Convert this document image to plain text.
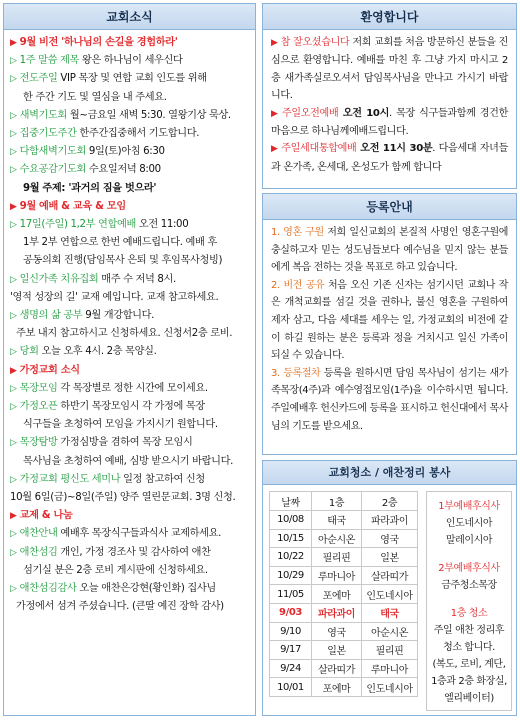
교회소식
▶ 9월 비전 '하나님의 손길을 경험하라'
▷ 1주 말씀 제목 왕은 하나님이 세우신다
▷ 전도주일 VIP 목장 및 연합 교회 인도를 위해
한 주간 기도 및 열심을 내 주세요.
▷ 새벽기도회 월~금요일 새벽 5:30. 열왕기상 묵상.
▷ 집중기도주간 한주간집중해서 기도합니다.
▷ 다함새벽기도회 9일(토)아침 6:30
▷ 수요공감기도회 수요일저녁 8:00
9월 주제: '과거의 짐을 벗으라'
▶ 9월 예배 & 교육 & 모임
▷ 17일(주일) 1,2부 연합예배 오전 11:00
1부 2부 연합으로 한번 예배드립니다. 예배 후
공동의회 진행(담임목사 은퇴 및 후임목사청빙)
▷ 일신가족 치유집회 매주 수 저녁 8시.
'영적 성장의 길' 교재 예입니다. 교재 참고하세요.
▷ 생명의 삶 공부 9월 개강합니다.
주보 내지 참고하시고 신청하세요. 신청서2층 로비.
▷ 당회 오늘 오후 4시. 2층 목양실.
▶ 가정교회 소식
▷ 목장모임 각 목장별로 정한 시간에 모이세요.
▷ 가정오픈 하반기 목장모임시 각 가정에 목장
식구들을 초청하여 모임을 가지시기 원합니다.
▷ 목장탐방 가정심방을 겸하여 목장 모임시
목사님을 초청하여 예배, 심방 받으시기 바랍니다.
▷ 가정교회 평신도 세미나 일정 참고하여 신청
10월 6일(금)~8일(주일) 양주 열린문교회. 3명 신청.
▶ 교제 & 나눔
▷ 애찬안내 예배후 목장식구들과식사 교제하세요.
▷ 애찬섬김 개인, 가정 경조사 및 감사하여 애찬
섬기실 분은 2층 로비 게시판에 신청하세요.
▷ 애찬섬김감사 오늘 애찬은강현(황인화) 집사님
가정에서 섬겨 주셨습니다. (큰딸 예진 장학 감사)
환영합니다

▶ 참 잘오셨습니다 저희 교회를 처음 방문하신 분들을 진심으로 환영합니다. 예배를 마친 후 그냥 가지 마시고 2층 새가족실로오셔서 담임목사님을 만나고 가시기 바랍니다.

▶ 주일오전예배 오전 10시. 목장 식구들과함께 경건한 마음으로 하나님께예배드립니다.

▶ 주일세대통합예배 오전 11시 30분. 다음세대 자녀들과 온가족, 온세대, 온성도가 함께 합니다

등록안내

1. 영혼 구원 저희 일신교회의 본질적 사명인 영혼구원에 충실하고자 믿는 성도님들보다 예수님을 믿지 않는 분들에게 복음 전하는 것을 목표로 하고 있습니다.

2. 비전 공유 처음 오신 기존 신자는 섬기시던 교회나 작은 개척교회를 섬길 것을 권하나, 불신 영혼을 구원하여 제자 삼고, 다음 세대를 세우는 일, 가정교회의 비전에 같이 하길 원하는 분은 등록과 정을 거치시고 일신 가족이 되실 수 있습니다.

3. 등록절차 등록을 원하시면 담임 목사님이 섬기는 새가족목장(4주)과 예수영접모임(1주)을 이수하시면 됩니다. 주일예배후 헌신카드에 등록을 표시하고 헌신대에서 목사님의 기도를 받으세요.

교회청소 / 애찬정리 봉사
날짜	1층	2층
10/08	태국	파라과이
10/15	아순시온	영국
10/22	필리핀	일본
10/29	루마니아	살라띠가
11/05	포에마	인도네시아
9/03	파라과이	태국
9/10	영국	아순시온
9/17	일본	필리핀
9/24	살라띠가	루마니아
10/01	포에마	인도네시아
1부예배후식사
인도네시아
말레이시아
2부예배후식사
금주청소목장
1층 청소
주일 애찬 정리후
청소 합니다.
(복도, 로비, 계단,
1층과 2층 화장실,
엘리베이터)
